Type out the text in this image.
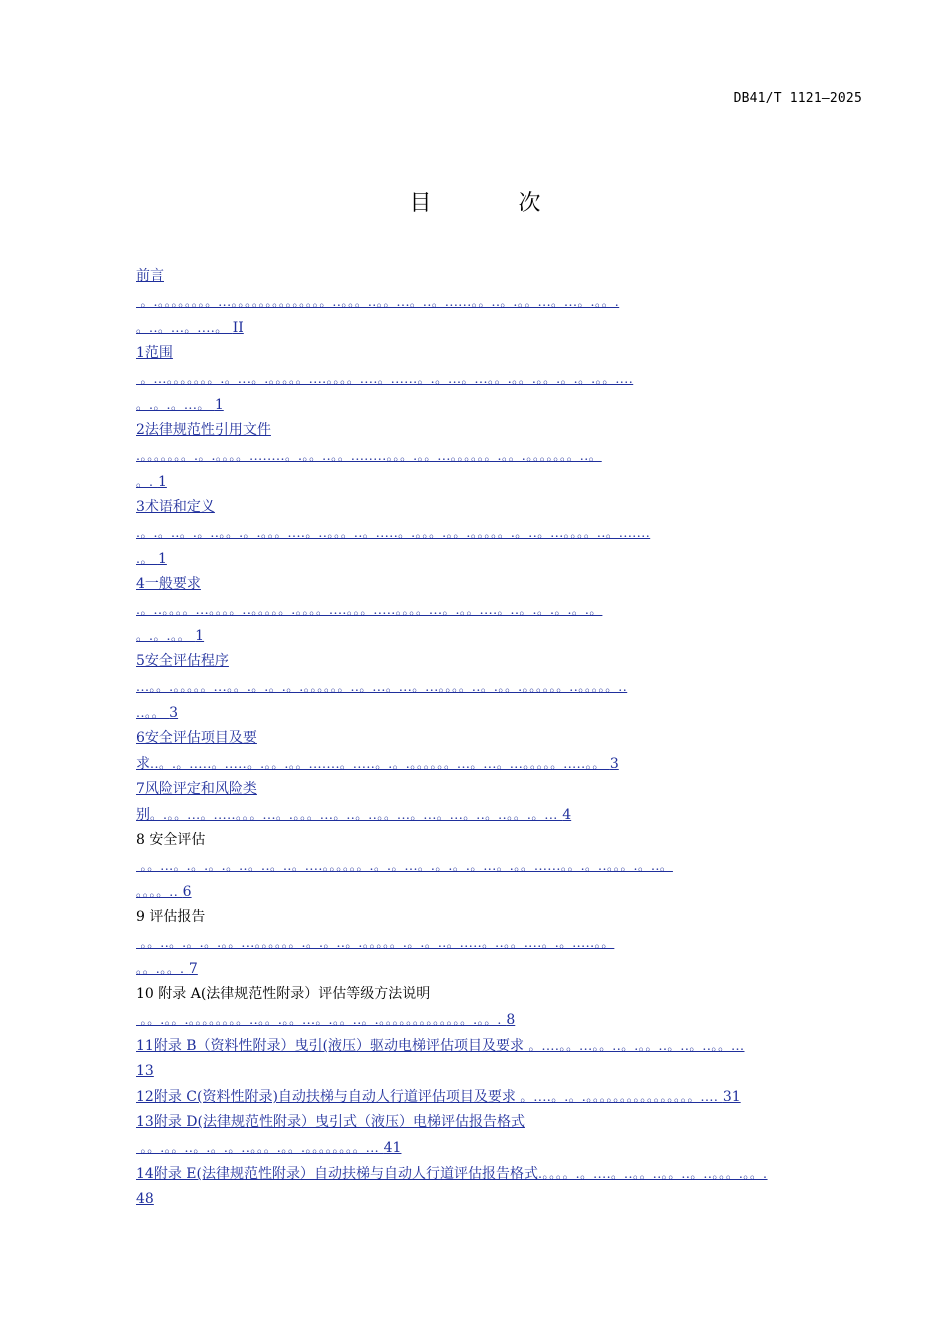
DB41/T 1121—2025
目 次
前言
。.。。。。。。。。...。。。。。。。。。。。。。。..。。。..。。...。..。......。。..。.。。...。...。.。。.
。..。...。....。 II
1范围
。...。。。。。。。.。...。.。。。。。....。。。。....。......。.。...。...。。.。。.。。.。.。.。。....
。.。.。...。 1
2法律规范性引用文件
.。。。。。。。.。.。。。。........。.。。..。。........。。。.。。...。。。。。。.。。.。。。。。。。..。
。. 1
3术语和定义
.。.。..。.。..。。.。.。。。....。..。。。..。.....。.。。。.。。.。。。。。.。..。...。。。。..。.......
.。 1
4一般要求
.。..。。。。...。。。。..。。。。。.。。。。....。。。.....。。。。...。.。。....。..。.。.。.。.。
。.。.。。 1
5安全评估程序
...。。.。。。。。...。。.。.。.。.。。。。。。..。...。...。...。。。。..。.。。.。。。。。。..。。。。。..
..。。 3
6安全评估项目及要
求..。.。.....。.....。.。。.。。.......。.....。.。.。。。。。。...。...。...。。。。。.....。。 3
7风险评定和风险类
别。.。。...。.....。。。...。.。。。...。..。..。。...。...。...。..。..。。.。... 4
8 安全评估
。。...。.。.。.。..。..。..。....。。。。。。.。.。...。.。.。.。...。.。。......。。.。..。。。.。..。
。。。。.. 6
9 评估报告
。。..。.。.。.。。...。。。。。。.。.。..。.。。。。。.。.。..。.....。..。。....。.。.....。。
。。.。。. 7
10 附录 A(法律规范性附录）评估等级方法说明
。。.。。.。。。。。。。。..。。.。。...。.。。..。.。。。。。。。。。。。。。.。。. 8
11附录 B（资料性附录）曳引(液压）驱动电梯评估项目及要求 。....。。...。。..。.。。..。..。..。。...
13
12附录 C(资料性附录)自动扶梯与自动人行道评估项目及要求 。....。.。.。。。。。。。。。。。。。。。。.... 31
13附录 D(法律规范性附录）曳引式（液压）电梯评估报告格式
。。.。。..。.。.。..。。。.。。.。。。。。。。。... 41
14附录 E(法律规范性附录）自动扶梯与自动人行道评估报告格式.。。。。.。....。..。。..。。..。..。。。.。。.
48
